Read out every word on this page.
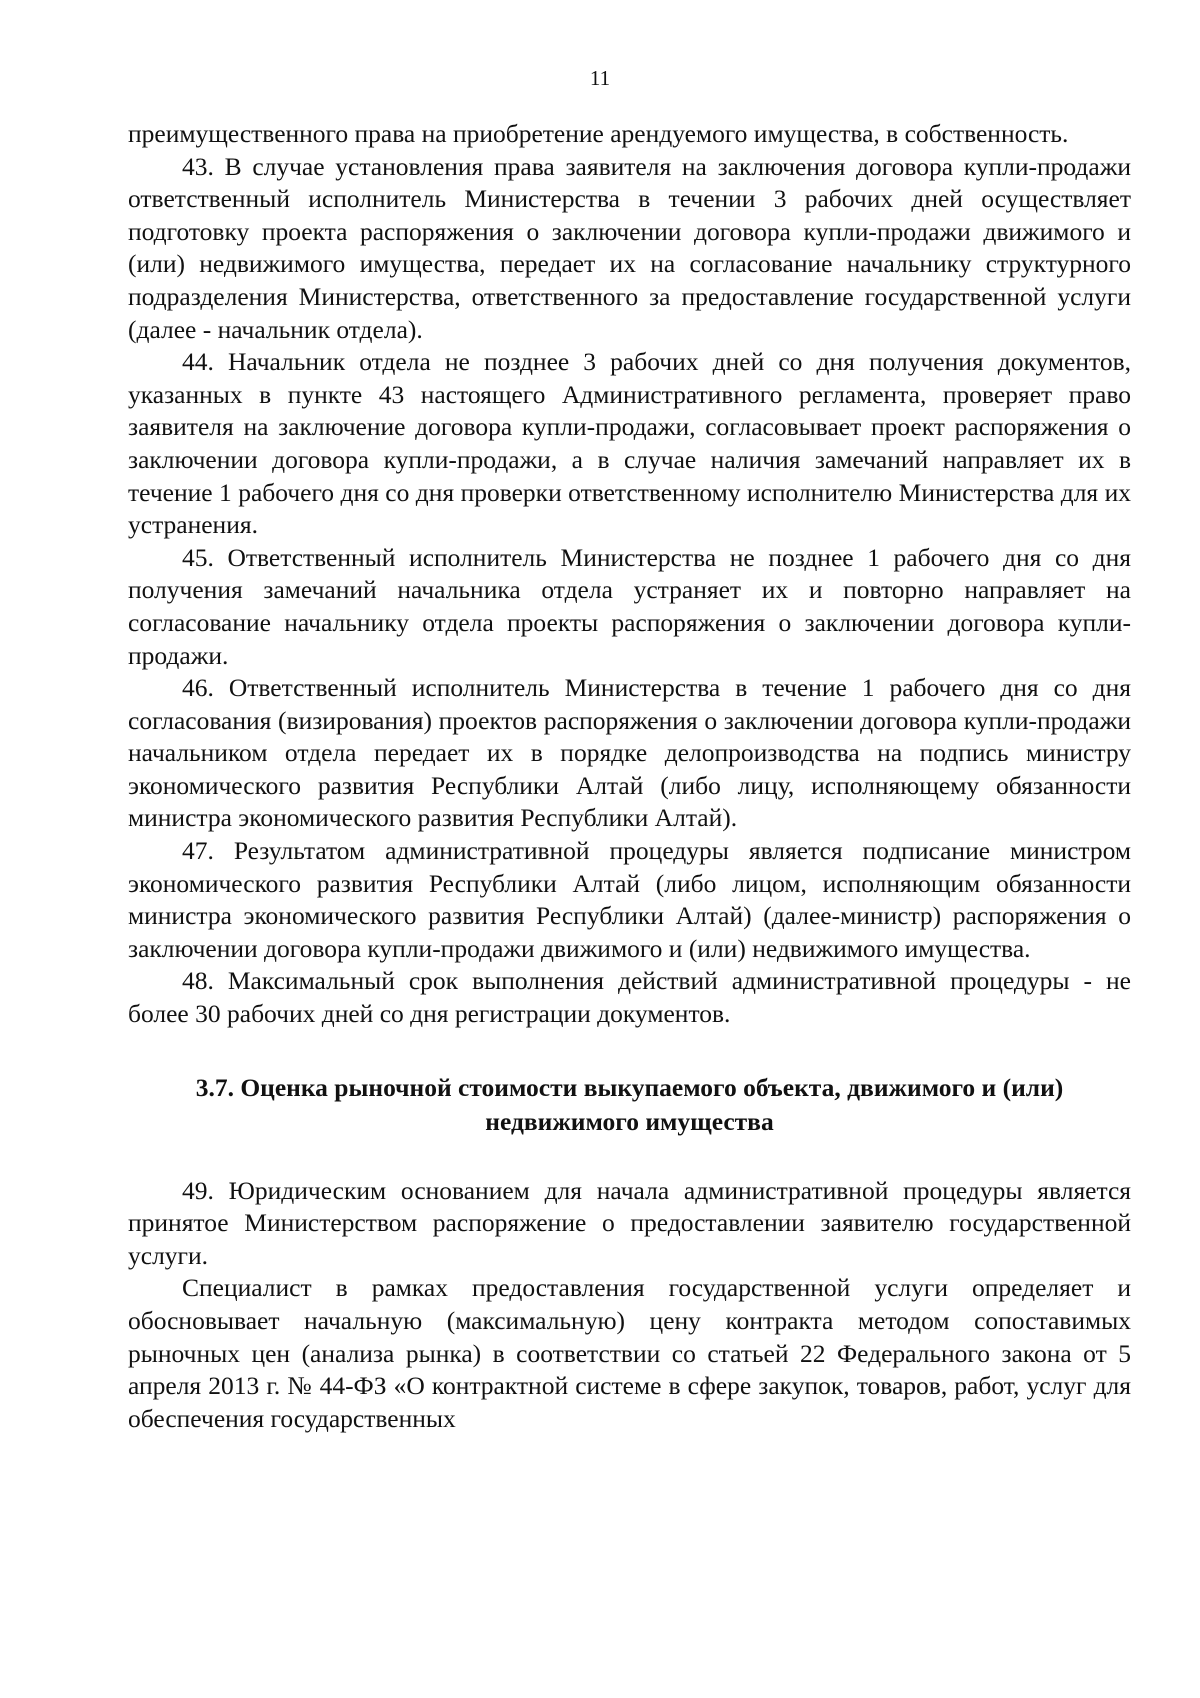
11

преимущественного права на приобретение арендуемого имущества, в собственность.

43. В случае установления права заявителя на заключения договора купли-продажи ответственный исполнитель Министерства в течении 3 рабочих дней осуществляет подготовку проекта распоряжения о заключении договора купли-продажи движимого и (или) недвижимого имущества, передает их на согласование начальнику структурного подразделения Министерства, ответственного за предоставление государственной услуги (далее - начальник отдела).

44. Начальник отдела не позднее 3 рабочих дней со дня получения документов, указанных в пункте 43 настоящего Административного регламента, проверяет право заявителя на заключение договора купли-продажи, согласовывает проект распоряжения о заключении договора купли-продажи, а в случае наличия замечаний направляет их в течение 1 рабочего дня со дня проверки ответственному исполнителю Министерства для их устранения.

45. Ответственный исполнитель Министерства не позднее 1 рабочего дня со дня получения замечаний начальника отдела устраняет их и повторно направляет на согласование начальнику отдела проекты распоряжения о заключении договора купли-продажи.

46. Ответственный исполнитель Министерства в течение 1 рабочего дня со дня согласования (визирования) проектов распоряжения о заключении договора купли-продажи начальником отдела передает их в порядке делопроизводства на подпись министру экономического развития Республики Алтай (либо лицу, исполняющему обязанности министра экономического развития Республики Алтай).

47. Результатом административной процедуры является подписание министром экономического развития Республики Алтай (либо лицом, исполняющим обязанности министра экономического развития Республики Алтай) (далее-министр) распоряжения о заключении договора купли-продажи движимого и (или) недвижимого имущества.

48. Максимальный срок выполнения действий административной процедуры - не более 30 рабочих дней со дня регистрации документов.

3.7. Оценка рыночной стоимости выкупаемого объекта, движимого и (или)
недвижимого имущества

49. Юридическим основанием для начала административной процедуры является принятое Министерством распоряжение о предоставлении заявителю государственной услуги.

Специалист в рамках предоставления государственной услуги определяет и обосновывает начальную (максимальную) цену контракта методом сопоставимых рыночных цен (анализа рынка) в соответствии со статьей 22 Федерального закона от 5 апреля 2013 г. № 44-ФЗ «О контрактной системе в сфере закупок, товаров, работ, услуг для обеспечения государственных
